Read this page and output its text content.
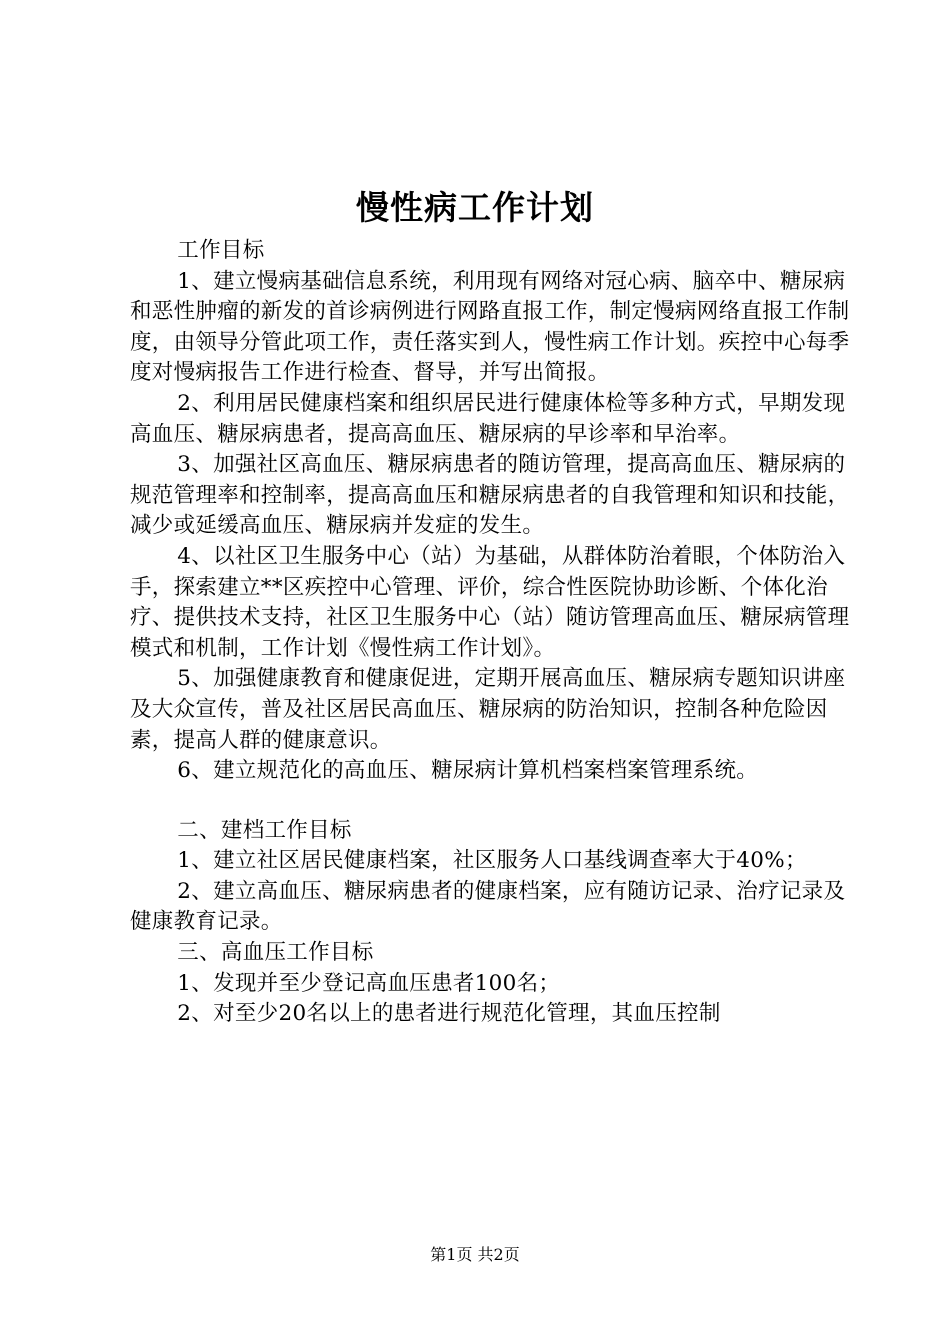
慢性病工作计划

工作目标

1、建立慢病基础信息系统，利用现有网络对冠心病、脑卒中、糖尿病和恶性肿瘤的新发的首诊病例进行网路直报工作，制定慢病网络直报工作制度，由领导分管此项工作，责任落实到人，慢性病工作计划。疾控中心每季度对慢病报告工作进行检查、督导，并写出简报。

2、利用居民健康档案和组织居民进行健康体检等多种方式，早期发现高血压、糖尿病患者，提高高血压、糖尿病的早诊率和早治率。

3、加强社区高血压、糖尿病患者的随访管理，提高高血压、糖尿病的规范管理率和控制率，提高高血压和糖尿病患者的自我管理和知识和技能，减少或延缓高血压、糖尿病并发症的发生。

4、以社区卫生服务中心（站）为基础，从群体防治着眼，个体防治入手，探索建立**区疾控中心管理、评价，综合性医院协助诊断、个体化治疗、提供技术支持，社区卫生服务中心（站）随访管理高血压、糖尿病管理模式和机制，工作计划《慢性病工作计划》。

5、加强健康教育和健康促进，定期开展高血压、糖尿病专题知识讲座及大众宣传，普及社区居民高血压、糖尿病的防治知识，控制各种危险因素，提高人群的健康意识。

6、建立规范化的高血压、糖尿病计算机档案档案管理系统。

二、建档工作目标

1、建立社区居民健康档案，社区服务人口基线调查率大于40%；

2、建立高血压、糖尿病患者的健康档案，应有随访记录、治疗记录及健康教育记录。

三、高血压工作目标

1、发现并至少登记高血压患者100名；

2、对至少20名以上的患者进行规范化管理，其血压控制

第1页 共2页
